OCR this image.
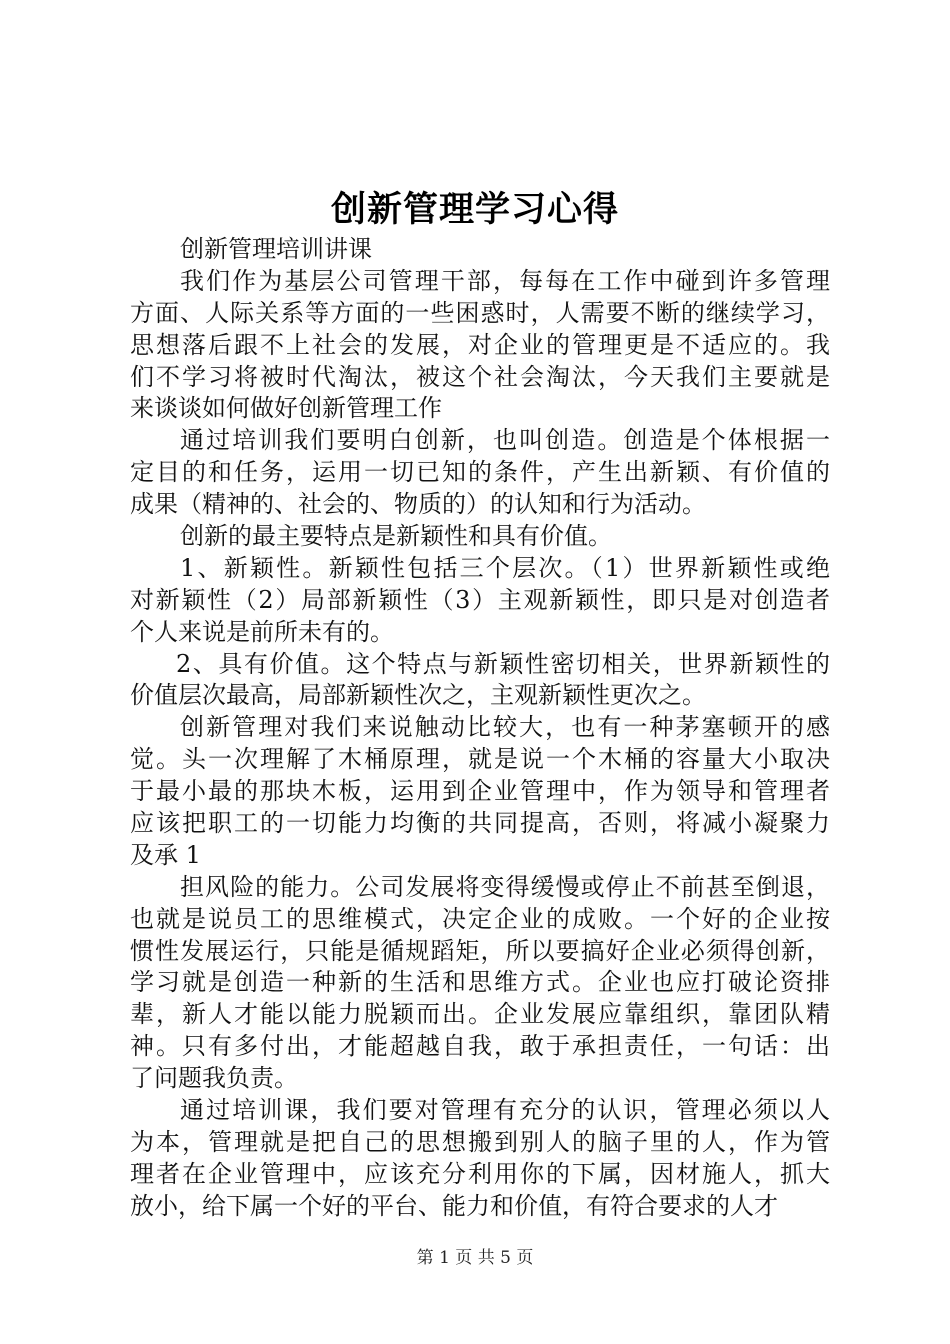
创新管理学习心得
创新管理培训讲课
我们作为基层公司管理干部，每每在工作中碰到许多管理
方面、人际关系等方面的一些困惑时，人需要不断的继续学习，
思想落后跟不上社会的发展，对企业的管理更是不适应的。我
们不学习将被时代淘汰，被这个社会淘汰，今天我们主要就是
来谈谈如何做好创新管理工作
通过培训我们要明白创新，也叫创造。创造是个体根据一
定目的和任务，运用一切已知的条件，产生出新颖、有价值的
成果（精神的、社会的、物质的）的认知和行为活动。
创新的最主要特点是新颖性和具有价值。
1、新颖性。新颖性包括三个层次。（1）世界新颖性或绝
对新颖性（2）局部新颖性（3）主观新颖性，即只是对创造者
个人来说是前所未有的。
2、具有价值。这个特点与新颖性密切相关，世界新颖性的
价值层次最高，局部新颖性次之，主观新颖性更次之。
创新管理对我们来说触动比较大，也有一种茅塞顿开的感
觉。头一次理解了木桶原理，就是说一个木桶的容量大小取决
于最小最的那块木板，运用到企业管理中，作为领导和管理者
应该把职工的一切能力均衡的共同提高，否则，将减小凝聚力
及承 1
担风险的能力。公司发展将变得缓慢或停止不前甚至倒退，
也就是说员工的思维模式，决定企业的成败。一个好的企业按
惯性发展运行，只能是循规蹈矩，所以要搞好企业必须得创新，
学习就是创造一种新的生活和思维方式。企业也应打破论资排
辈，新人才能以能力脱颖而出。企业发展应靠组织，靠团队精
神。只有多付出，才能超越自我，敢于承担责任，一句话：出
了问题我负责。
通过培训课，我们要对管理有充分的认识，管理必须以人
为本，管理就是把自己的思想搬到别人的脑子里的人，作为管
理者在企业管理中，应该充分利用你的下属，因材施人，抓大
放小，给下属一个好的平台、能力和价值，有符合要求的人才
第 1 页 共 5 页
